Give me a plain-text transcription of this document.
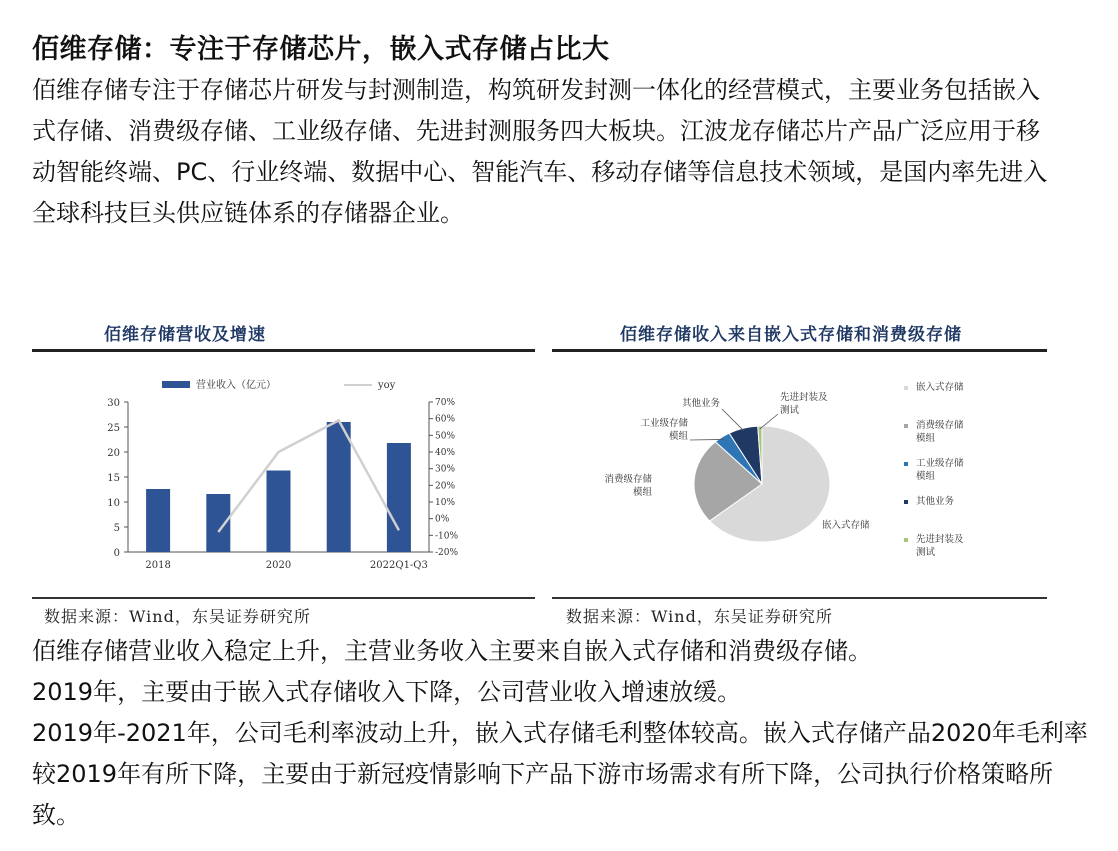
佰维存储：专注于存储芯片，嵌入式存储占比大
佰维存储专注于存储芯片研发与封测制造，构筑研发封测一体化的经营模式，主要业务包括嵌入式存储、消费级存储、工业级存储、先进封测服务四大板块。江波龙存储芯片产品广泛应用于移动智能终端、PC、行业终端、数据中心、智能汽车、移动存储等信息技术领域，是国内率先进入全球科技巨头供应链体系的存储器企业。
佰维存储营收及增速
营业收入（亿元）	yoy
0
5
10
15
20
25
30
-20%
-10%
0%
10%
20%
30%
40%
50%
60%
70%
2018	2020	2022Q1-Q3
数据来源：Wind，东吴证券研究所
佰维存储收入来自嵌入式存储和消费级存储
嵌入式存储
消费级存储
模组
工业级存储
模组
其他业务
先进封装及
测试
嵌入式存储
消费级存储
模组
工业级存储
模组
其他业务
先进封装及
测试
数据来源：Wind，东吴证券研究所

佰维存储营业收入稳定上升，主营业务收入主要来自嵌入式存储和消费级存储。

2019年，主要由于嵌入式存储收入下降，公司营业收入增速放缓。

2019年-2021年，公司毛利率波动上升，嵌入式存储毛利整体较高。嵌入式存储产品2020年毛利率较2019年有所下降，主要由于新冠疫情影响下产品下游市场需求有所下降，公司执行价格策略所致。
